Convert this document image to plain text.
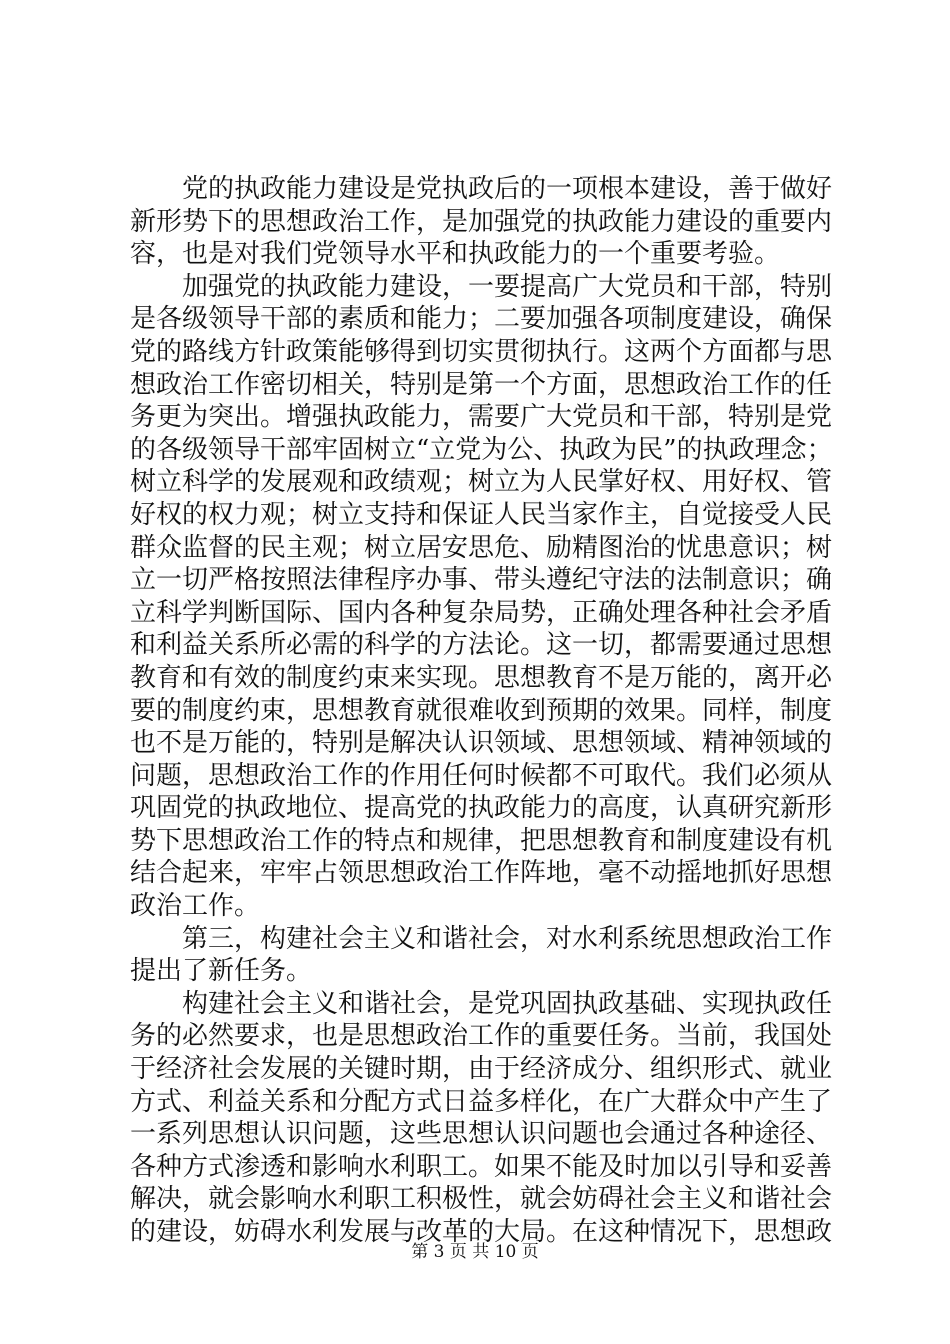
　　党的执政能力建设是党执政后的一项根本建设，善于做好
新形势下的思想政治工作，是加强党的执政能力建设的重要内
容，也是对我们党领导水平和执政能力的一个重要考验。
　　加强党的执政能力建设，一要提高广大党员和干部，特别
是各级领导干部的素质和能力；二要加强各项制度建设，确保
党的路线方针政策能够得到切实贯彻执行。这两个方面都与思
想政治工作密切相关，特别是第一个方面，思想政治工作的任
务更为突出。增强执政能力，需要广大党员和干部，特别是党
的各级领导干部牢固树立“立党为公、执政为民”的执政理念；
树立科学的发展观和政绩观；树立为人民掌好权、用好权、管
好权的权力观；树立支持和保证人民当家作主，自觉接受人民
群众监督的民主观；树立居安思危、励精图治的忧患意识；树
立一切严格按照法律程序办事、带头遵纪守法的法制意识；确
立科学判断国际、国内各种复杂局势，正确处理各种社会矛盾
和利益关系所必需的科学的方法论。这一切，都需要通过思想
教育和有效的制度约束来实现。思想教育不是万能的，离开必
要的制度约束，思想教育就很难收到预期的效果。同样，制度
也不是万能的，特别是解决认识领域、思想领域、精神领域的
问题，思想政治工作的作用任何时候都不可取代。我们必须从
巩固党的执政地位、提高党的执政能力的高度，认真研究新形
势下思想政治工作的特点和规律，把思想教育和制度建设有机
结合起来，牢牢占领思想政治工作阵地，毫不动摇地抓好思想
政治工作。
　　第三，构建社会主义和谐社会，对水利系统思想政治工作
提出了新任务。
　　构建社会主义和谐社会，是党巩固执政基础、实现执政任
务的必然要求，也是思想政治工作的重要任务。当前，我国处
于经济社会发展的关键时期，由于经济成分、组织形式、就业
方式、利益关系和分配方式日益多样化，在广大群众中产生了
一系列思想认识问题，这些思想认识问题也会通过各种途径、
各种方式渗透和影响水利职工。如果不能及时加以引导和妥善
解决，就会影响水利职工积极性，就会妨碍社会主义和谐社会
的建设，妨碍水利发展与改革的大局。在这种情况下，思想政
第 3 页 共 10 页
